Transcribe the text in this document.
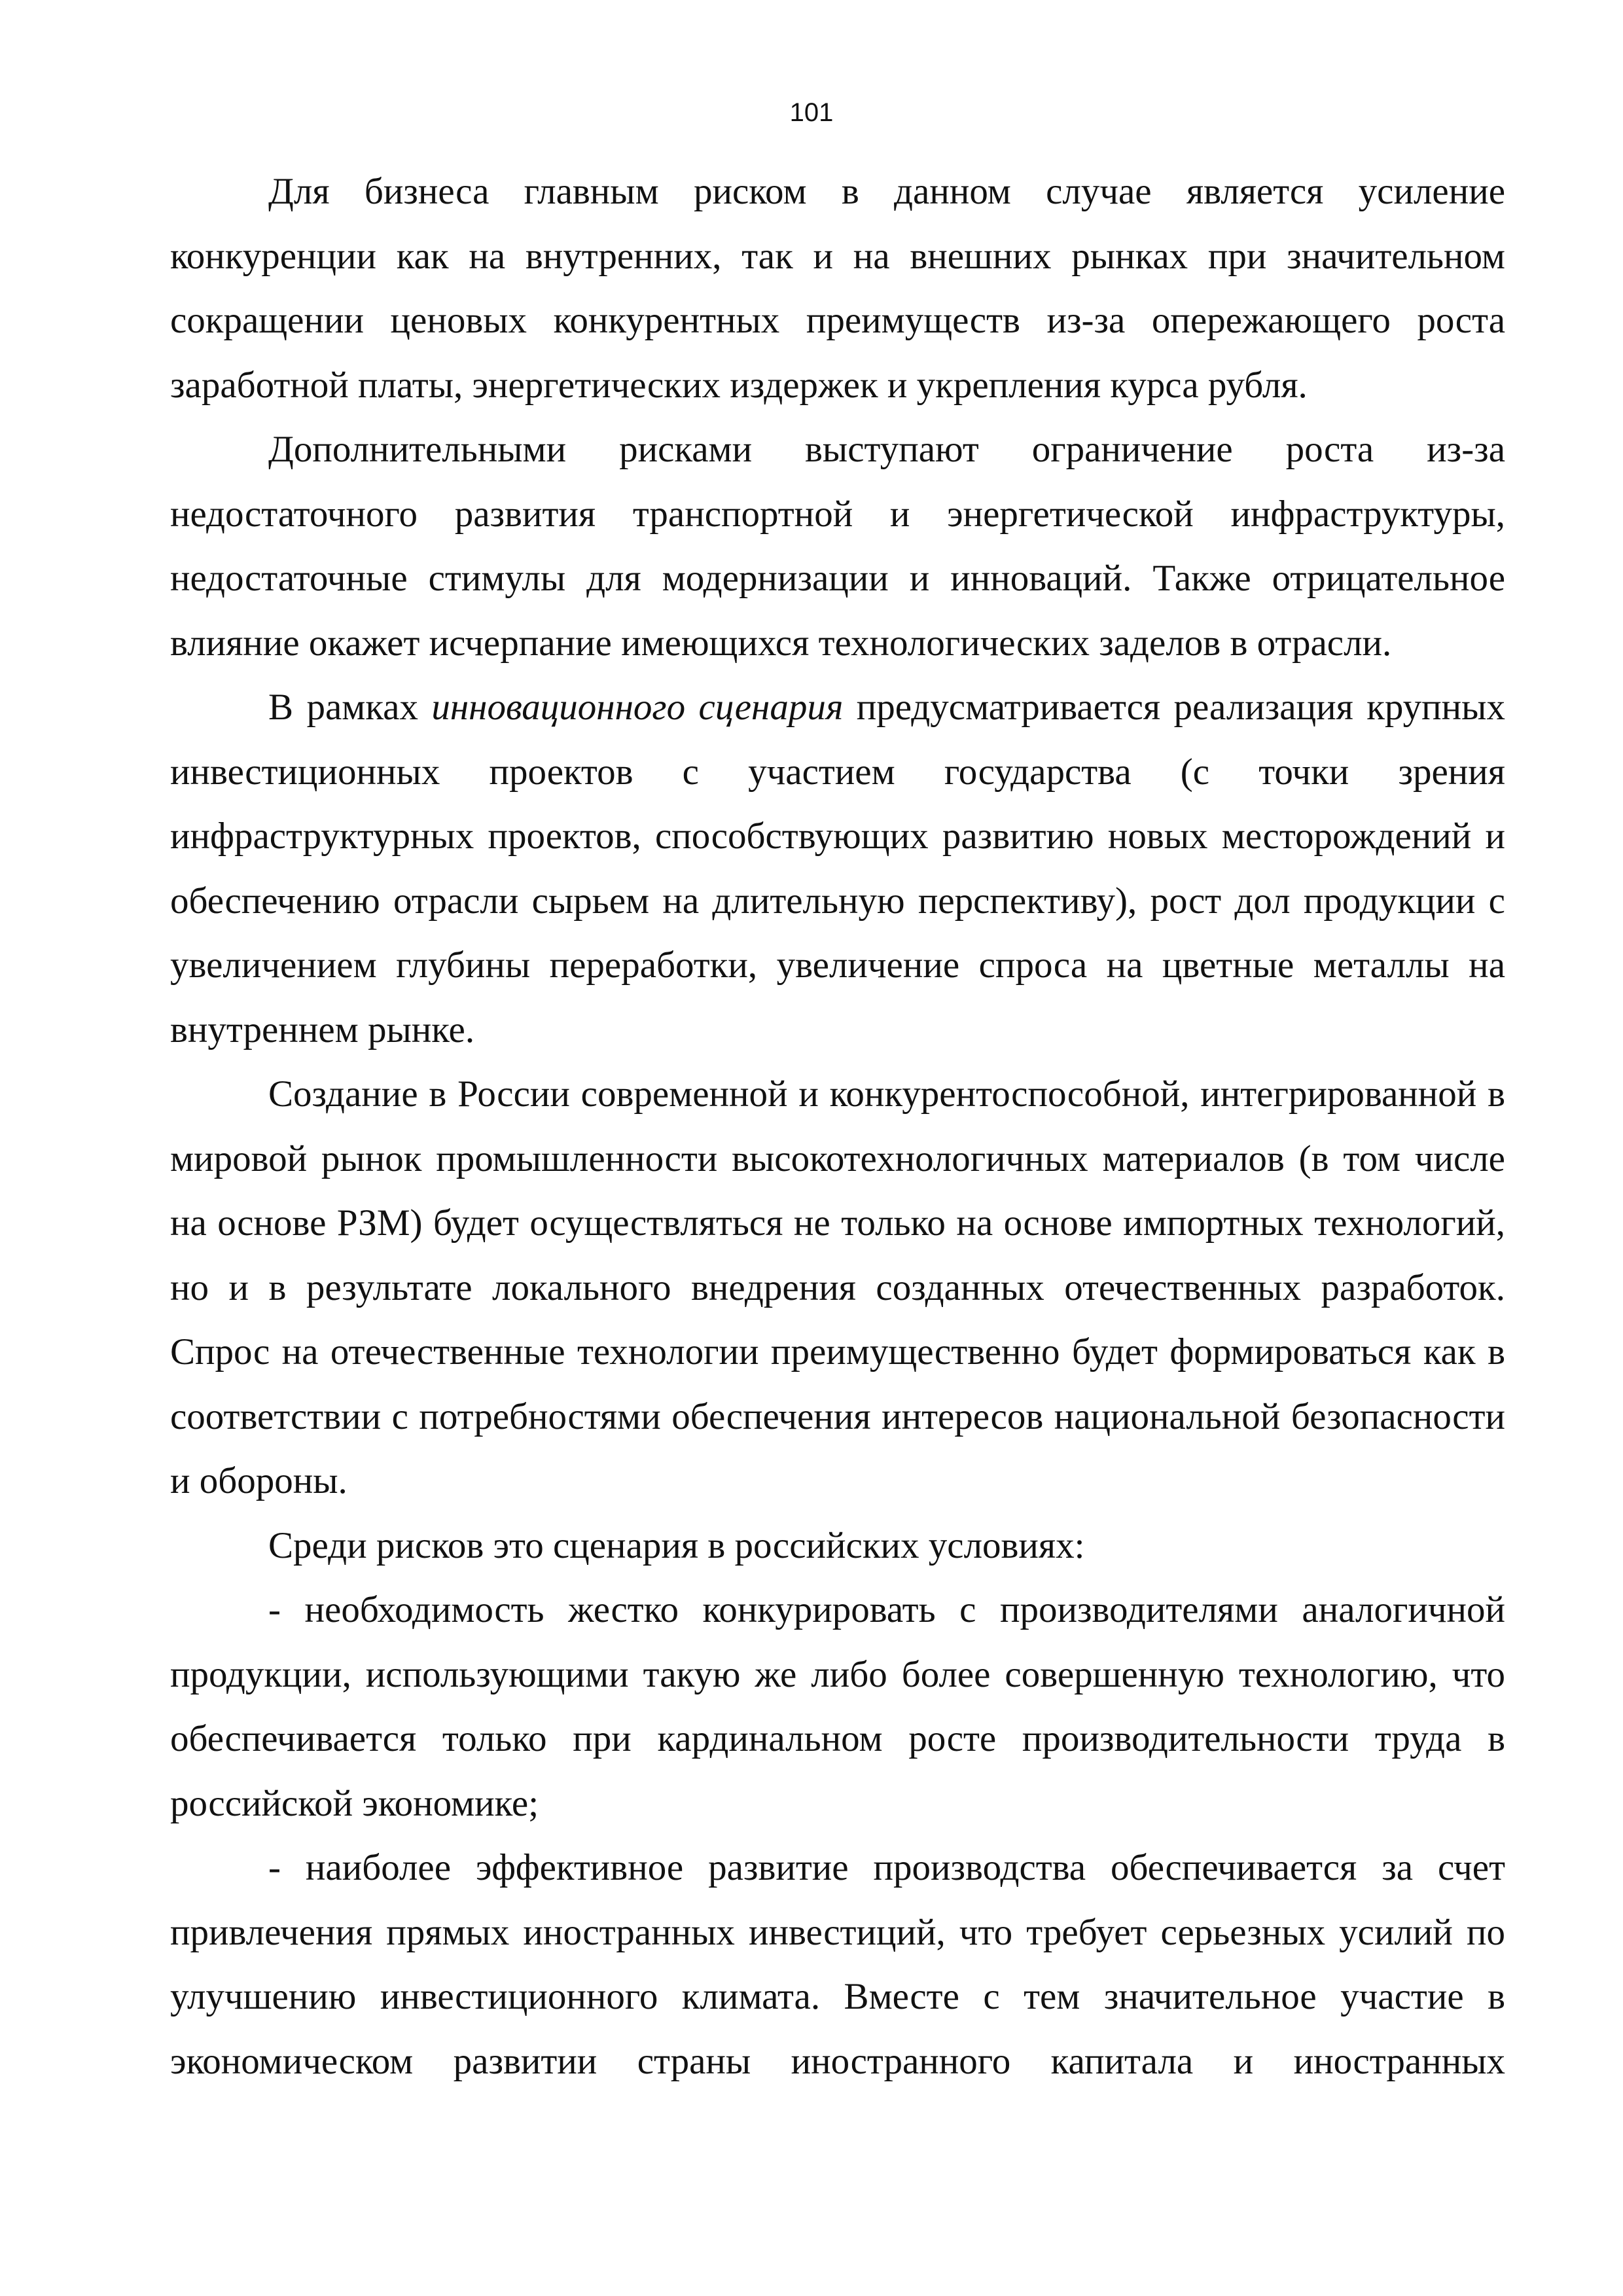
101

Для бизнеса главным риском в данном случае является усиление конкуренции как на внутренних, так и на внешних рынках при значительном сокращении ценовых конкурентных преимуществ из-за опережающего роста заработной платы, энергетических издержек и укрепления курса рубля.

Дополнительными рисками выступают ограничение роста из-за недостаточного развития транспортной и энергетической инфраструктуры, недостаточные стимулы для модернизации и инноваций. Также отрицательное влияние окажет исчерпание имеющихся технологических заделов в отрасли.

В рамках инновационного сценария предусматривается реализация крупных инвестиционных проектов с участием государства (с точки зрения инфраструктурных проектов, способствующих развитию новых месторождений и обеспечению отрасли сырьем на длительную перспективу), рост дол продукции с увеличением глубины переработки, увеличение спроса на цветные металлы на внутреннем рынке.

Создание в России современной и конкурентоспособной, интегрированной в мировой рынок промышленности высокотехнологичных материалов (в том числе на основе РЗМ) будет осуществляться не только на основе импортных технологий, но и в результате локального внедрения созданных отечественных разработок. Спрос на отечественные технологии преимущественно будет формироваться как в соответствии с потребностями обеспечения интересов национальной безопасности и обороны.

Среди рисков это сценария в российских условиях:

- необходимость жестко конкурировать с производителями аналогичной продукции, использующими такую же либо более совершенную технологию, что обеспечивается только при кардинальном росте производительности труда в российской экономике;

- наиболее эффективное развитие производства обеспечивается за счет привлечения прямых иностранных инвестиций, что требует серьезных усилий по улучшению инвестиционного климата. Вместе с тем значительное участие в экономическом развитии страны иностранного капитала и иностранных
